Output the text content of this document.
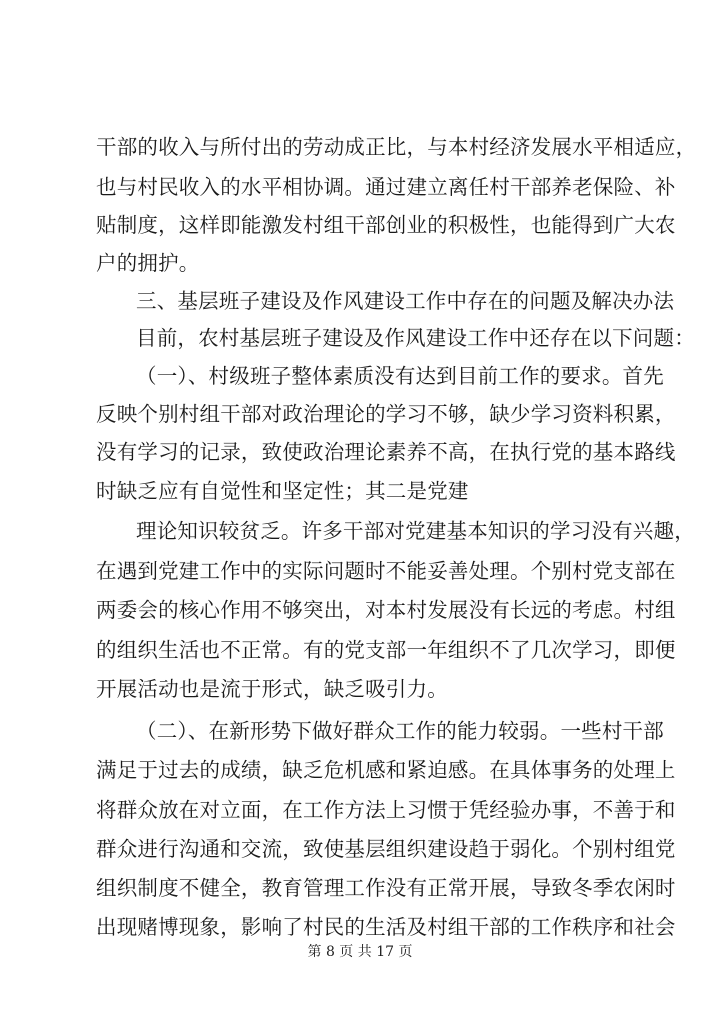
干部的收入与所付出的劳动成正比，与本村经济发展水平相适应，
也与村民收入的水平相协调。通过建立离任村干部养老保险、补
贴制度，这样即能激发村组干部创业的积极性，也能得到广大农
户的拥护。
三、基层班子建设及作风建设工作中存在的问题及解决办法
目前，农村基层班子建设及作风建设工作中还存在以下问题：
（一）、村级班子整体素质没有达到目前工作的要求。首先
反映个别村组干部对政治理论的学习不够，缺少学习资料积累，
没有学习的记录，致使政治理论素养不高，在执行党的基本路线
时缺乏应有自觉性和坚定性；其二是党建
理论知识较贫乏。许多干部对党建基本知识的学习没有兴趣，
在遇到党建工作中的实际问题时不能妥善处理。个别村党支部在
两委会的核心作用不够突出，对本村发展没有长远的考虑。村组
的组织生活也不正常。有的党支部一年组织不了几次学习，即便
开展活动也是流于形式，缺乏吸引力。
（二）、在新形势下做好群众工作的能力较弱。一些村干部
满足于过去的成绩，缺乏危机感和紧迫感。在具体事务的处理上
将群众放在对立面，在工作方法上习惯于凭经验办事，不善于和
群众进行沟通和交流，致使基层组织建设趋于弱化。个别村组党
组织制度不健全，教育管理工作没有正常开展，导致冬季农闲时
出现赌博现象，影响了村民的生活及村组干部的工作秩序和社会
第 8 页 共 17 页
